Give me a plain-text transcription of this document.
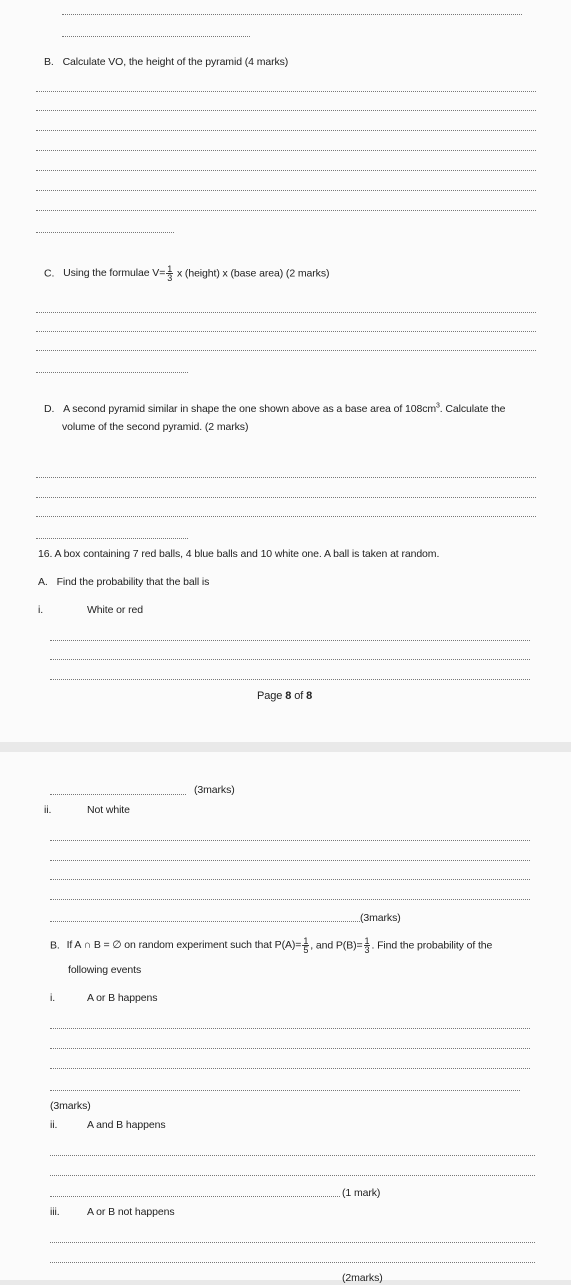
B. Calculate VO, the height of the pyramid (4 marks)
C. Using the formulae $V= \frac{1}{3}$ x (height) x (base area) (2 marks)
D. A second pyramid similar in shape the one shown above as a base area of $108cm^3$. Calculate the
volume of the second pyramid. (2 marks)
16. A box containing 7 red balls, 4 blue balls and 10 white one. A ball is taken at random.
A. Find the probability that the ball is
i.	White or red
Page 8 of 8
(3marks)
ii.	Not white
(3marks)
B. If A ∩ B = ∅ on random experiment such that $P(A)= \frac{1}{5}$ , and $P(B)= \frac{1}{3}$ . Find the probability of the
following events
i.	A or B happens
(3marks)
ii.	A and B happens
(1 mark)
iii.	A or B not happens
(2marks)
